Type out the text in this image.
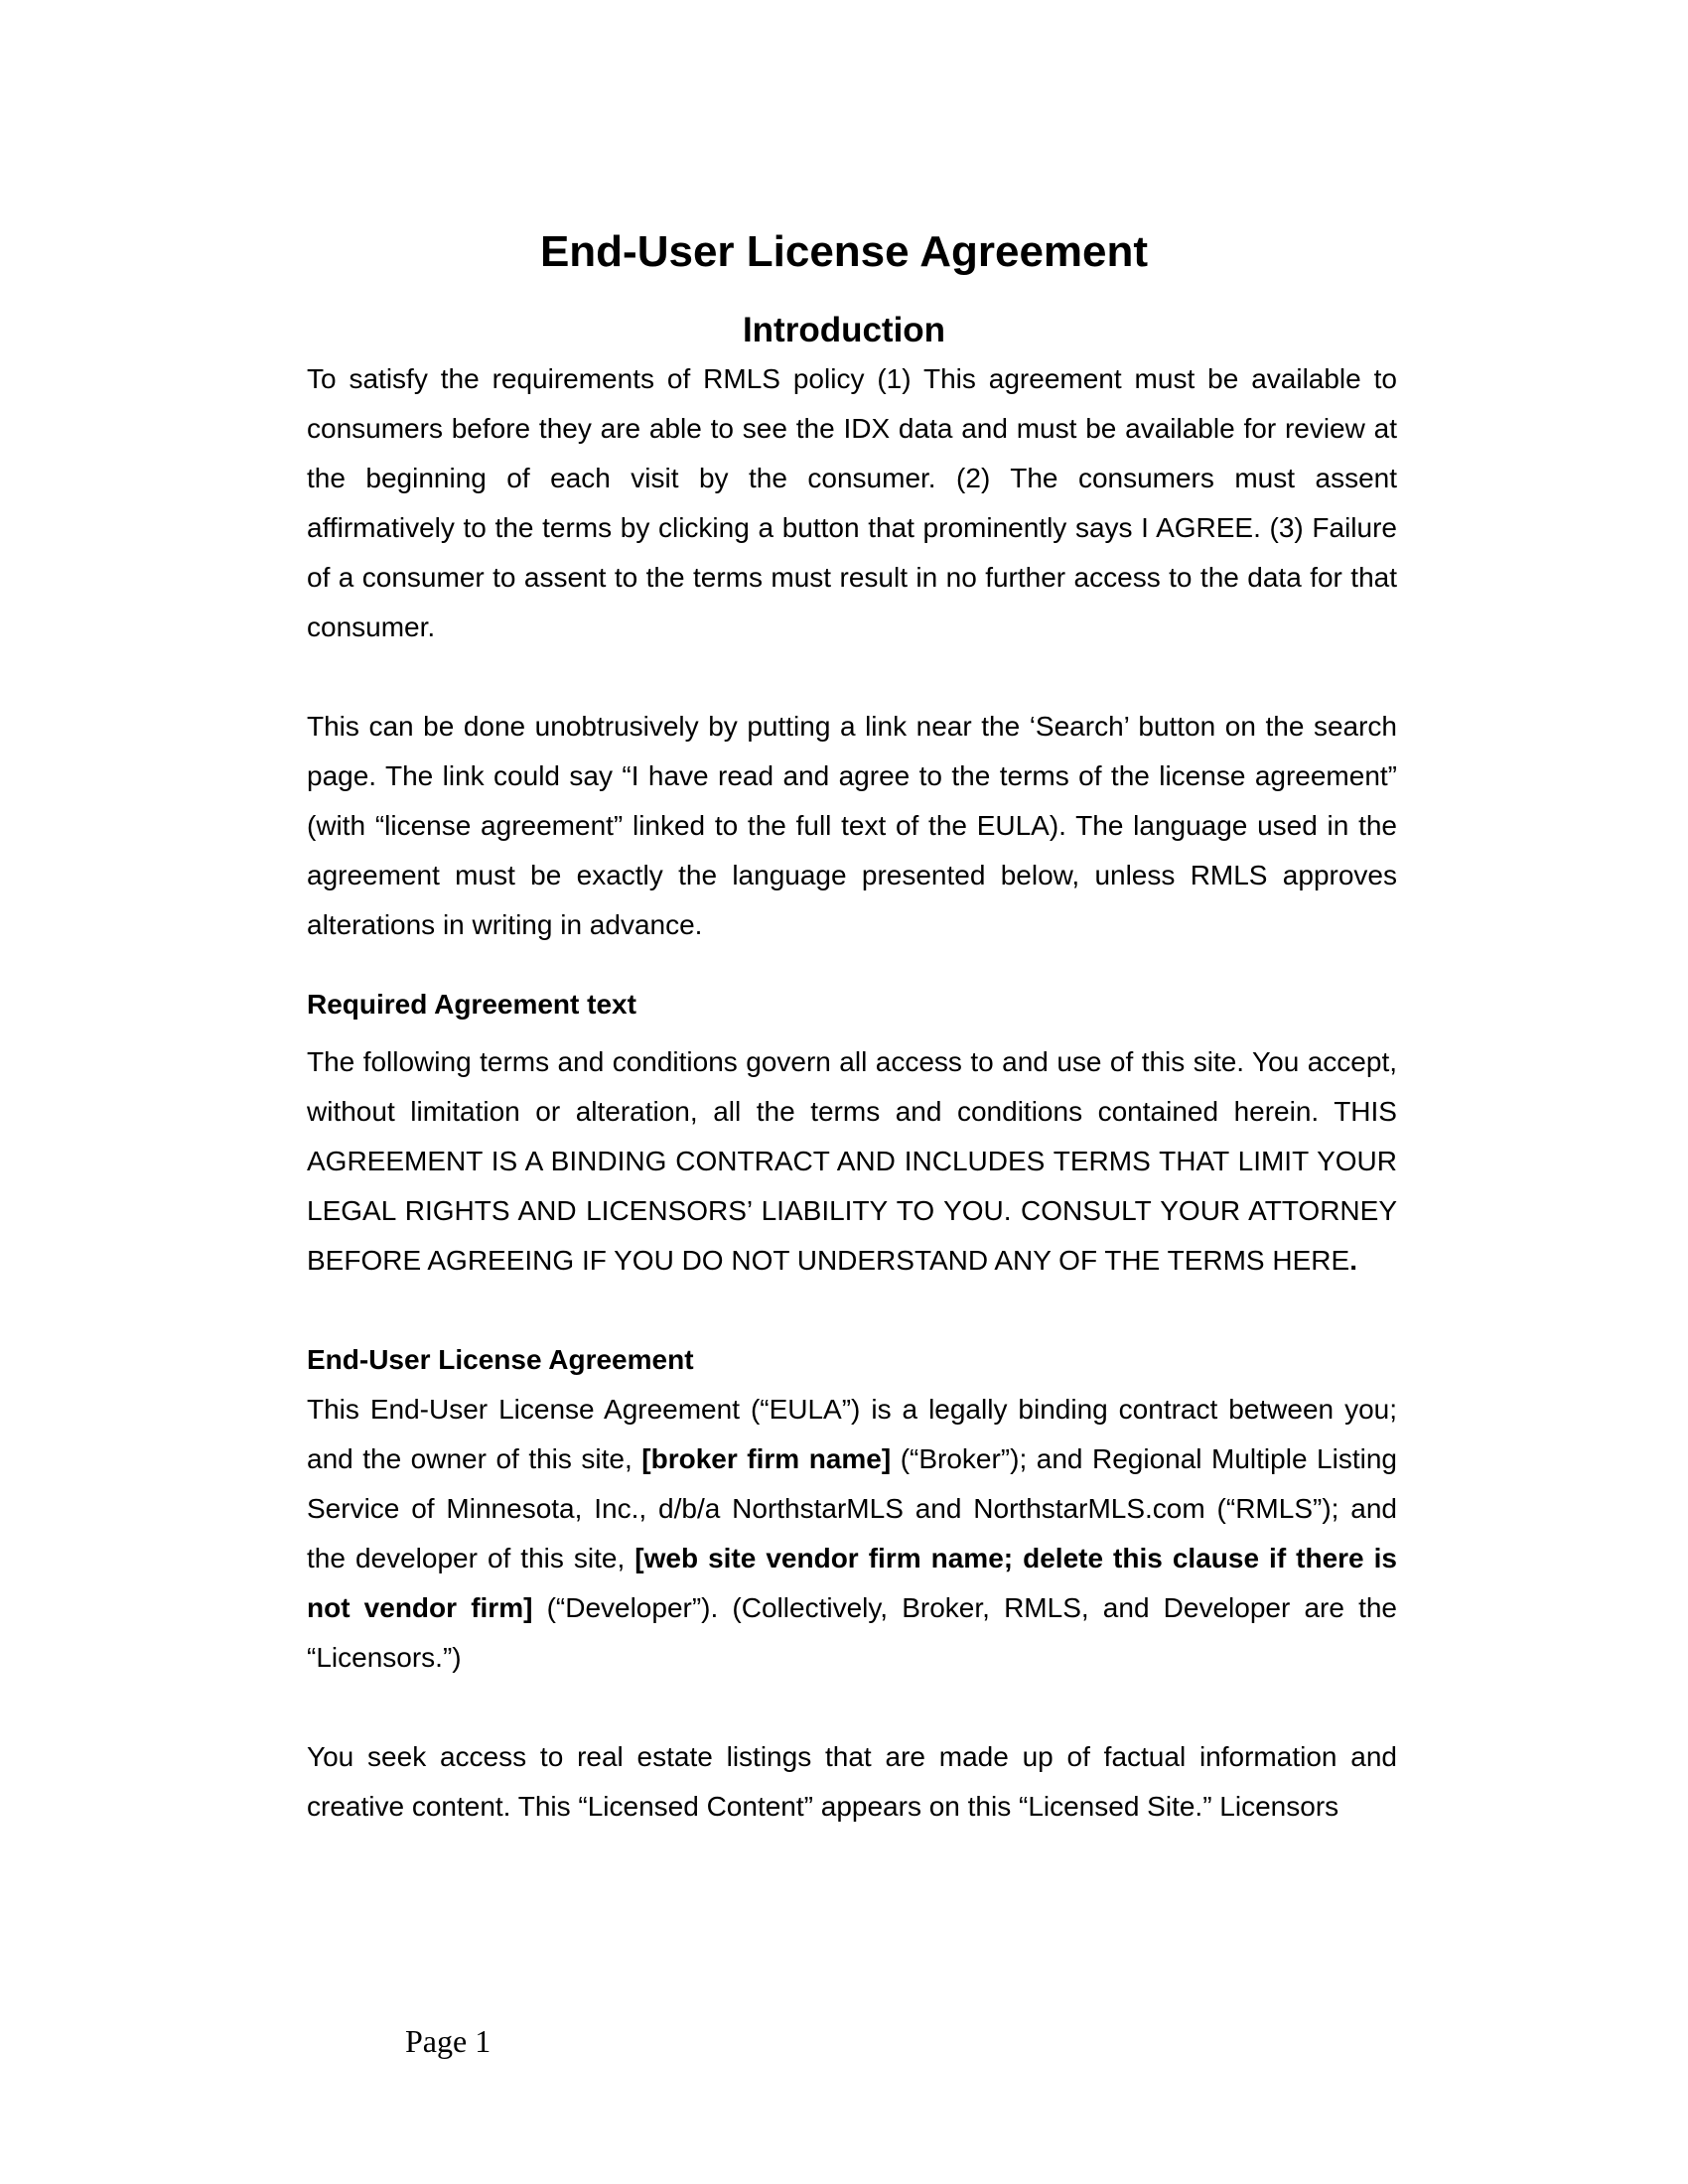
End-User License Agreement
Introduction

To satisfy the requirements of RMLS policy (1) This agreement must be available to consumers before they are able to see the IDX data and must be available for review at the beginning of each visit by the consumer. (2) The consumers must assent affirmatively to the terms by clicking a button that prominently says I AGREE. (3) Failure of a consumer to assent to the terms must result in no further access to the data for that consumer.

This can be done unobtrusively by putting a link near the ‘Search’ button on the search page. The link could say “I have read and agree to the terms of the license agreement” (with “license agreement” linked to the full text of the EULA). The language used in the agreement must be exactly the language presented below, unless RMLS approves alterations in writing in advance.

Required Agreement text

The following terms and conditions govern all access to and use of this site. You accept, without limitation or alteration, all the terms and conditions contained herein. THIS AGREEMENT IS A BINDING CONTRACT AND INCLUDES TERMS THAT LIMIT YOUR LEGAL RIGHTS AND LICENSORS’ LIABILITY TO YOU. CONSULT YOUR ATTORNEY BEFORE AGREEING IF YOU DO NOT UNDERSTAND ANY OF THE TERMS HERE.

End-User License Agreement

This End-User License Agreement (“EULA”) is a legally binding contract between you; and the owner of this site, [broker firm name] (“Broker”); and Regional Multiple Listing Service of Minnesota, Inc., d/b/a NorthstarMLS and NorthstarMLS.com (“RMLS”); and the developer of this site, [web site vendor firm name; delete this clause if there is not vendor firm] (“Developer”). (Collectively, Broker, RMLS, and Developer are the “Licensors.”)

You seek access to real estate listings that are made up of factual information and creative content. This “Licensed Content” appears on this “Licensed Site.” Licensors

Page 1
